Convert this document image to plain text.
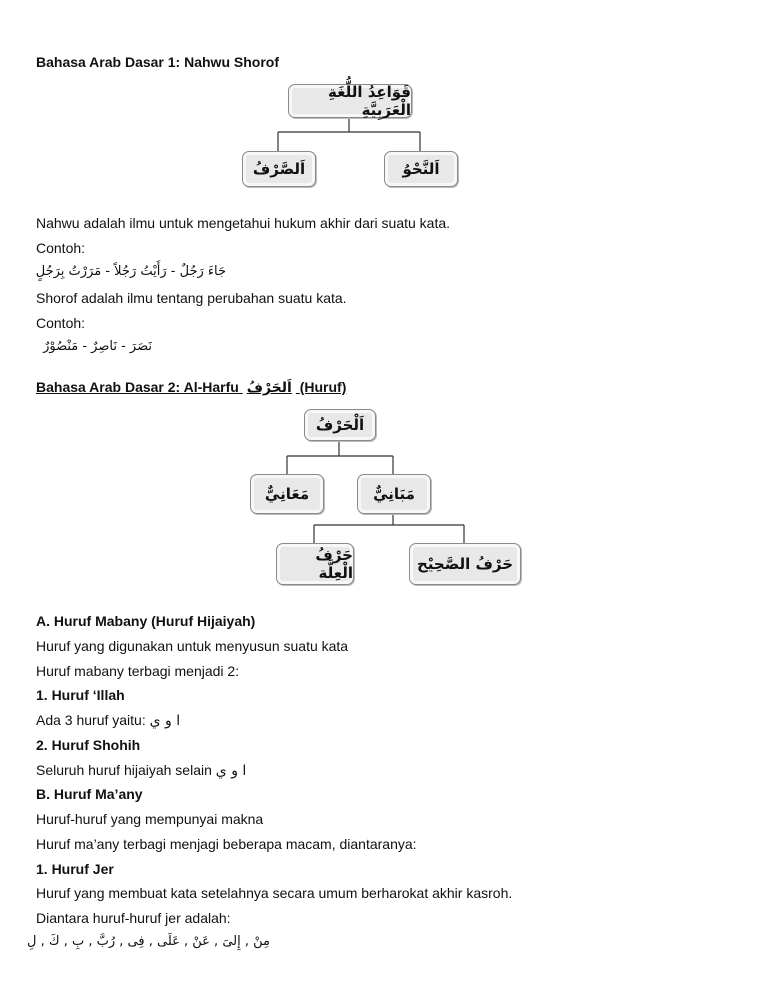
Bahasa Arab Dasar 1: Nahwu Shorof
قَوَاعِدُ اللُّغَةِ الْعَرَبِيَّةِ
اَلصَّرْفُ	اَلنَّحْوُ
Nahwu adalah ilmu untuk mengetahui hukum akhir dari suatu kata.
Contoh:
جَاءَ رَجُلٌ - رَأَيْتُ رَجُلاً - مَرَرْتُ بِرَجُلٍ
Shorof adalah ilmu tentang perubahan suatu kata.
Contoh:
نَصَرَ - نَاصِرٌ - مَنْصُوْرٌ
Bahasa Arab Dasar 2: Al-Harfu اَلحَرْفُ (Huruf)
اَلْحَرْفُ
مَعَانِيٌّ	مَبَانِيٌّ
حَرْفُ الْعِلَّة	حَرْفُ الصَّحِيْح
A. Huruf Mabany (Huruf Hijaiyah)
Huruf yang digunakan untuk menyusun suatu kata
Huruf mabany terbagi menjadi 2:
1. Huruf ‘Illah
Ada 3 huruf yaitu: ا و ي
2. Huruf Shohih
Seluruh huruf hijaiyah selain ا و ي
B. Huruf Ma’any
Huruf-huruf yang mempunyai makna
Huruf ma’any terbagi menjagi beberapa macam, diantaranya:
1. Huruf Jer
Huruf yang membuat kata setelahnya secara umum berharokat akhir kasroh.
Diantara huruf-huruf jer adalah:
مِنْ , إِلىَ , عَنْ , عَلَى , فِى , رُبَّ , بِ , كَ , لِ
